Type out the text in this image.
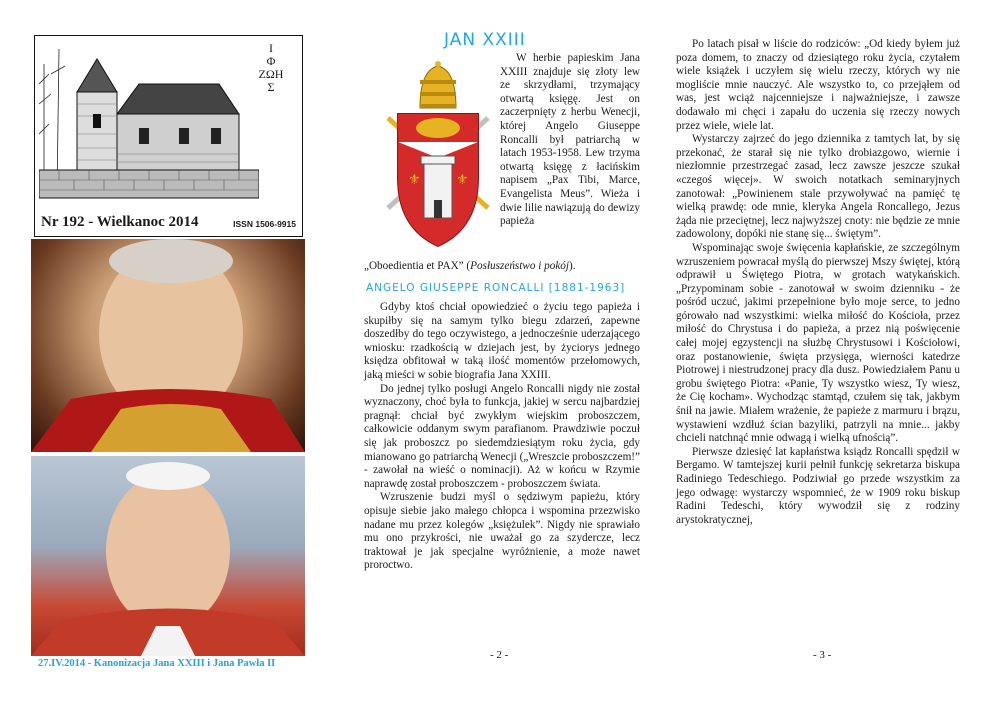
Ι
Φ
ΖΩΗ
Σ
Nr 192 - Wielkanoc 2014	ISSN 1506-9915
27.IV.2014 - Kanonizacja Jana XXIII i Jana Pawła II
JAN XXIII
⚜	⚜

W herbie papieskim Jana XXIII znajduje się złoty lew ze skrzydłami, trzymający otwartą księgę. Jest on zaczerpnięty z herbu Wenecji, której Angelo Giuseppe Roncalli był patriarchą w latach 1953-1958. Lew trzyma otwartą księgę z łacińskim napisem „Pax Tibi, Marce, Evangelista Meus”. Wieża i dwie lilie nawiązują do dewizy papieża

„Oboedientia et PAX” (Posłuszeństwo i pokój).

ANGELO GIUSEPPE RONCALLI [1881-1963]

Gdyby ktoś chciał opowiedzieć o życiu tego papieża i skupiłby się na samym tylko biegu zdarzeń, zapewne doszedłby do tego oczywistego, a jednocześnie uderzającego wniosku: rzadkością w dziejach jest, by życiorys jednego księdza obfitował w taką ilość momentów przełomowych, jaką mieści w sobie biografia Jana XXIII.

Do jednej tylko posługi Angelo Roncalli nigdy nie został wyznaczony, choć była to funkcja, jakiej w sercu najbardziej pragnął: chciał być zwykłym wiejskim proboszczem, całkowicie oddanym swym parafianom. Prawdziwie poczuł się jak proboszcz po siedemdziesiątym roku życia, gdy mianowano go patriarchą Wenecji („Wreszcie proboszczem!” - zawołał na wieść o nominacji). Aż w końcu w Rzymie naprawdę został proboszczem - proboszczem świata.

Wzruszenie budzi myśl o sędziwym papieżu, który opisuje siebie jako małego chłopca i wspomina przezwisko nadane mu przez kolegów „księżulek”. Nigdy nie sprawiało mu ono przykrości, nie uważał go za szydercze, lecz traktował je jak specjalne wyróżnienie, a może nawet proroctwo.

- 2 -

Po latach pisał w liście do rodziców: „Od kiedy byłem już poza domem, to znaczy od dziesiątego roku życia, czytałem wiele książek i uczyłem się wielu rzeczy, których wy nie mogliście mnie nauczyć. Ale wszystko to, co przejąłem od was, jest wciąż najcenniejsze i najważniejsze, i zawsze dodawało mi chęci i zapału do uczenia się rzeczy nowych przez wiele, wiele lat.

Wystarczy zajrzeć do jego dziennika z tamtych lat, by się przekonać, że starał się nie tylko drobiazgowo, wiernie i niezłomnie przestrzegać zasad, lecz zawsze jeszcze szukał «czegoś więcej». W swoich notatkach seminaryjnych zanotował: „Powinienem stale przywoływać na pamięć tę wielką prawdę: ode mnie, kleryka Angela Roncallego, Jezus żąda nie przeciętnej, lecz najwyższej cnoty: nie będzie ze mnie zadowolony, dopóki nie stanę się... świętym”.

Wspominając swoje święcenia kapłańskie, ze szczególnym wzruszeniem powracał myślą do pierwszej Mszy świętej, którą odprawił u Świętego Piotra, w grotach watykańskich. „Przypominam sobie - zanotował w swoim dzienniku - że pośród uczuć, jakimi przepełnione było moje serce, to jedno górowało nad wszystkimi: wielka miłość do Kościoła, przez miłość do Chrystusa i do papieża, a przez nią poświęcenie całej mojej egzystencji na służbę Chrystusowi i Kościołowi, oraz postanowienie, święta przysięga, wierności katedrze Piotrowej i niestrudzonej pracy dla dusz. Powiedziałem Panu u grobu świętego Piotra: «Panie, Ty wszystko wiesz, Ty wiesz, że Cię kocham». Wychodząc stamtąd, czułem się tak, jakbym śnił na jawie. Miałem wrażenie, że papieże z marmuru i brązu, wystawieni wzdłuż ścian bazyliki, patrzyli na mnie... jakby chcieli natchnąć mnie odwagą i wielką ufnością”.

Pierwsze dziesięć lat kapłaństwa ksiądz Roncalli spędził w Bergamo. W tamtejszej kurii pełnił funkcję sekretarza biskupa Radiniego Tedeschiego. Podziwiał go przede wszystkim za jego odwagę: wystarczy wspomnieć, że w 1909 roku biskup Radini Tedeschi, który wywodził się z rodziny arystokratycznej,

- 3 -
